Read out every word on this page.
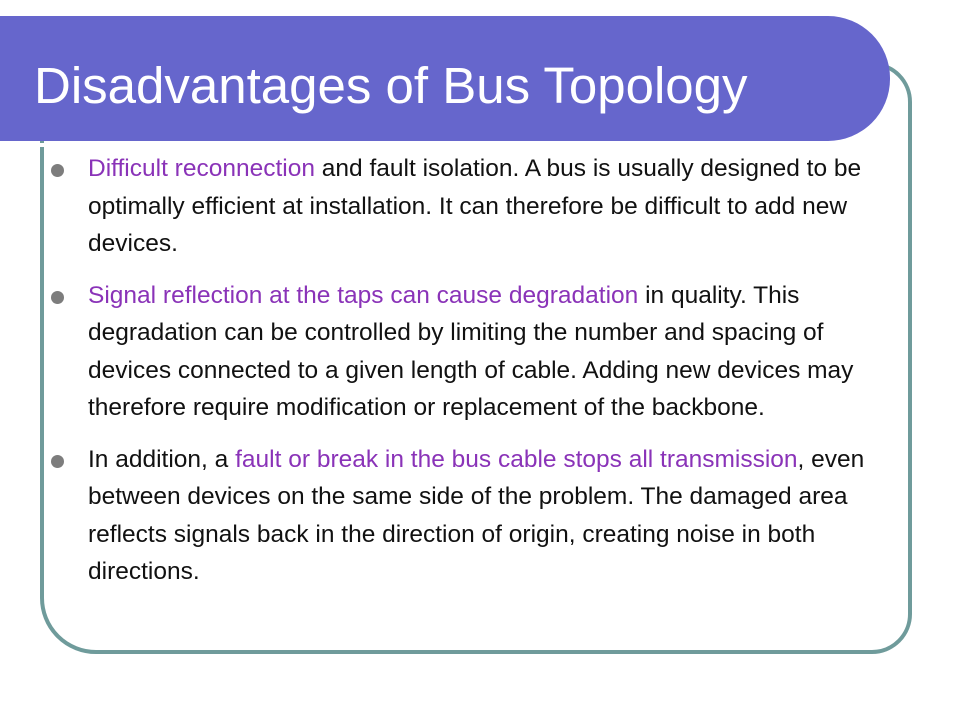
Disadvantages of Bus Topology
Difficult reconnection and fault isolation. A bus is usually designed to be optimally efficient at installation. It can therefore be difficult to add new devices.
Signal reflection at the taps can cause degradation in quality. This degradation can be controlled by limiting the number and spacing of devices connected to a given length of cable. Adding new devices may therefore require modification or replacement of the backbone.
In addition, a fault or break in the bus cable stops all transmission, even between devices on the same side of the problem. The damaged area reflects signals back in the direction of origin, creating noise in both directions.
